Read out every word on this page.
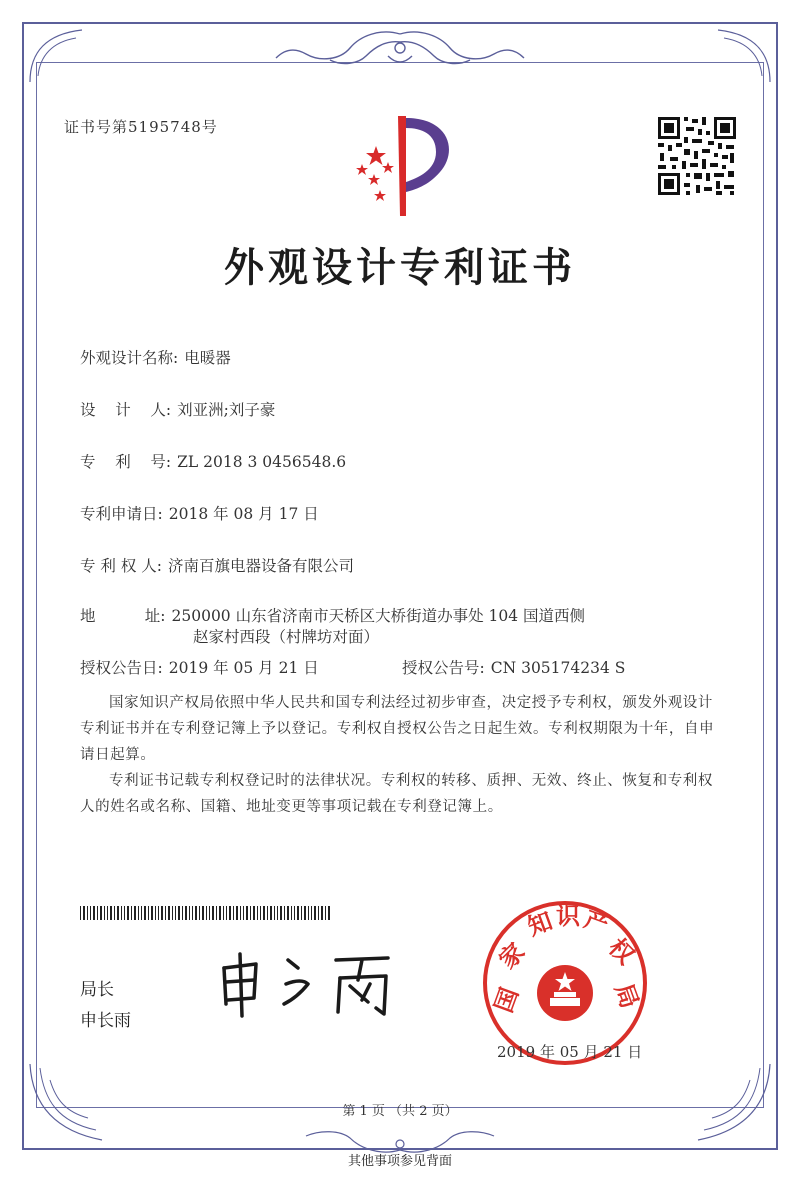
证书号第5195748号
外观设计专利证书
外观设计名称: 电暖器
设    计    人: 刘亚洲;刘子豪
专    利    号: ZL 2018 3 0456548.6
专利申请日: 2018 年 08 月 17 日
专 利 权 人: 济南百旗电器设备有限公司
地          址: 250000 山东省济南市天桥区大桥街道办事处 104 国道西侧
赵家村西段（村牌坊对面）
授权公告日: 2019 年 05 月 21 日	授权公告号: CN 305174234 S
国家知识产权局依照中华人民共和国专利法经过初步审查，决定授予专利权，颁发外观设计专利证书并在专利登记簿上予以登记。专利权自授权公告之日起生效。专利权期限为十年，自申请日起算。
专利证书记载专利权登记时的法律状况。专利权的转移、质押、无效、终止、恢复和专利权人的姓名或名称、国籍、地址变更等事项记载在专利登记簿上。
局长
申长雨
国
家
知 识 产
权
局
2019 年 05 月 21 日
第 1 页 （共 2 页）
其他事项参见背面
